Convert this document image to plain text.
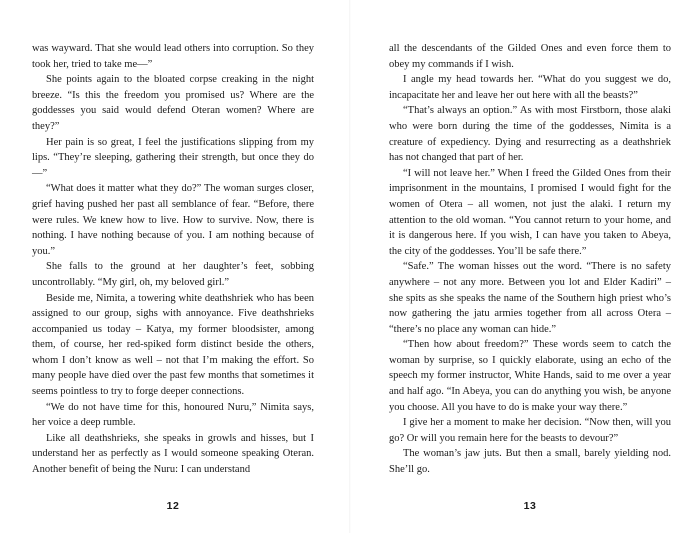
was wayward. That she would lead others into corruption. So they took her, tried to take me—”

She points again to the bloated corpse creaking in the night breeze. “Is this the freedom you promised us? Where are the goddesses you said would defend Oteran women? Where are they?”

Her pain is so great, I feel the justifications slipping from my lips. “They’re sleeping, gathering their strength, but once they do—”

“What does it matter what they do?” The woman surges closer, grief having pushed her past all semblance of fear. “Before, there were rules. We knew how to live. How to survive. Now, there is nothing. I have nothing because of you. I am nothing because of you.”

She falls to the ground at her daughter’s feet, sobbing uncontrollably. “My girl, oh, my beloved girl.”

Beside me, Nimita, a towering white deathshriek who has been assigned to our group, sighs with annoyance. Five deathshrieks accompanied us today – Katya, my former bloodsister, among them, of course, her red-spiked form distinct beside the others, whom I don’t know as well – not that I’m making the effort. So many people have died over the past few months that sometimes it seems pointless to try to forge deeper connections.

“We do not have time for this, honoured Nuru,” Nimita says, her voice a deep rumble.

Like all deathshrieks, she speaks in growls and hisses, but I understand her as perfectly as I would someone speaking Oteran. Another benefit of being the Nuru: I can understand

12

all the descendants of the Gilded Ones and even force them to obey my commands if I wish.

I angle my head towards her. “What do you suggest we do, incapacitate her and leave her out here with all the beasts?”

“That’s always an option.” As with most Firstborn, those alaki who were born during the time of the goddesses, Nimita is a creature of expediency. Dying and resurrecting as a deathshriek has not changed that part of her.

“I will not leave her.” When I freed the Gilded Ones from their imprisonment in the mountains, I promised I would fight for the women of Otera – all women, not just the alaki. I return my attention to the old woman. “You cannot return to your home, and it is dangerous here. If you wish, I can have you taken to Abeya, the city of the goddesses. You’ll be safe there.”

“Safe.” The woman hisses out the word. “There is no safety anywhere – not any more. Between you lot and Elder Kadiri” – she spits as she speaks the name of the Southern high priest who’s now gathering the jatu armies together from all across Otera – “there’s no place any woman can hide.”

“Then how about freedom?” These words seem to catch the woman by surprise, so I quickly elaborate, using an echo of the speech my former instructor, White Hands, said to me over a year and half ago. “In Abeya, you can do anything you wish, be anyone you choose. All you have to do is make your way there.”

I give her a moment to make her decision. “Now then, will you go? Or will you remain here for the beasts to devour?”

The woman’s jaw juts. But then a small, barely yielding nod. She’ll go.

13
